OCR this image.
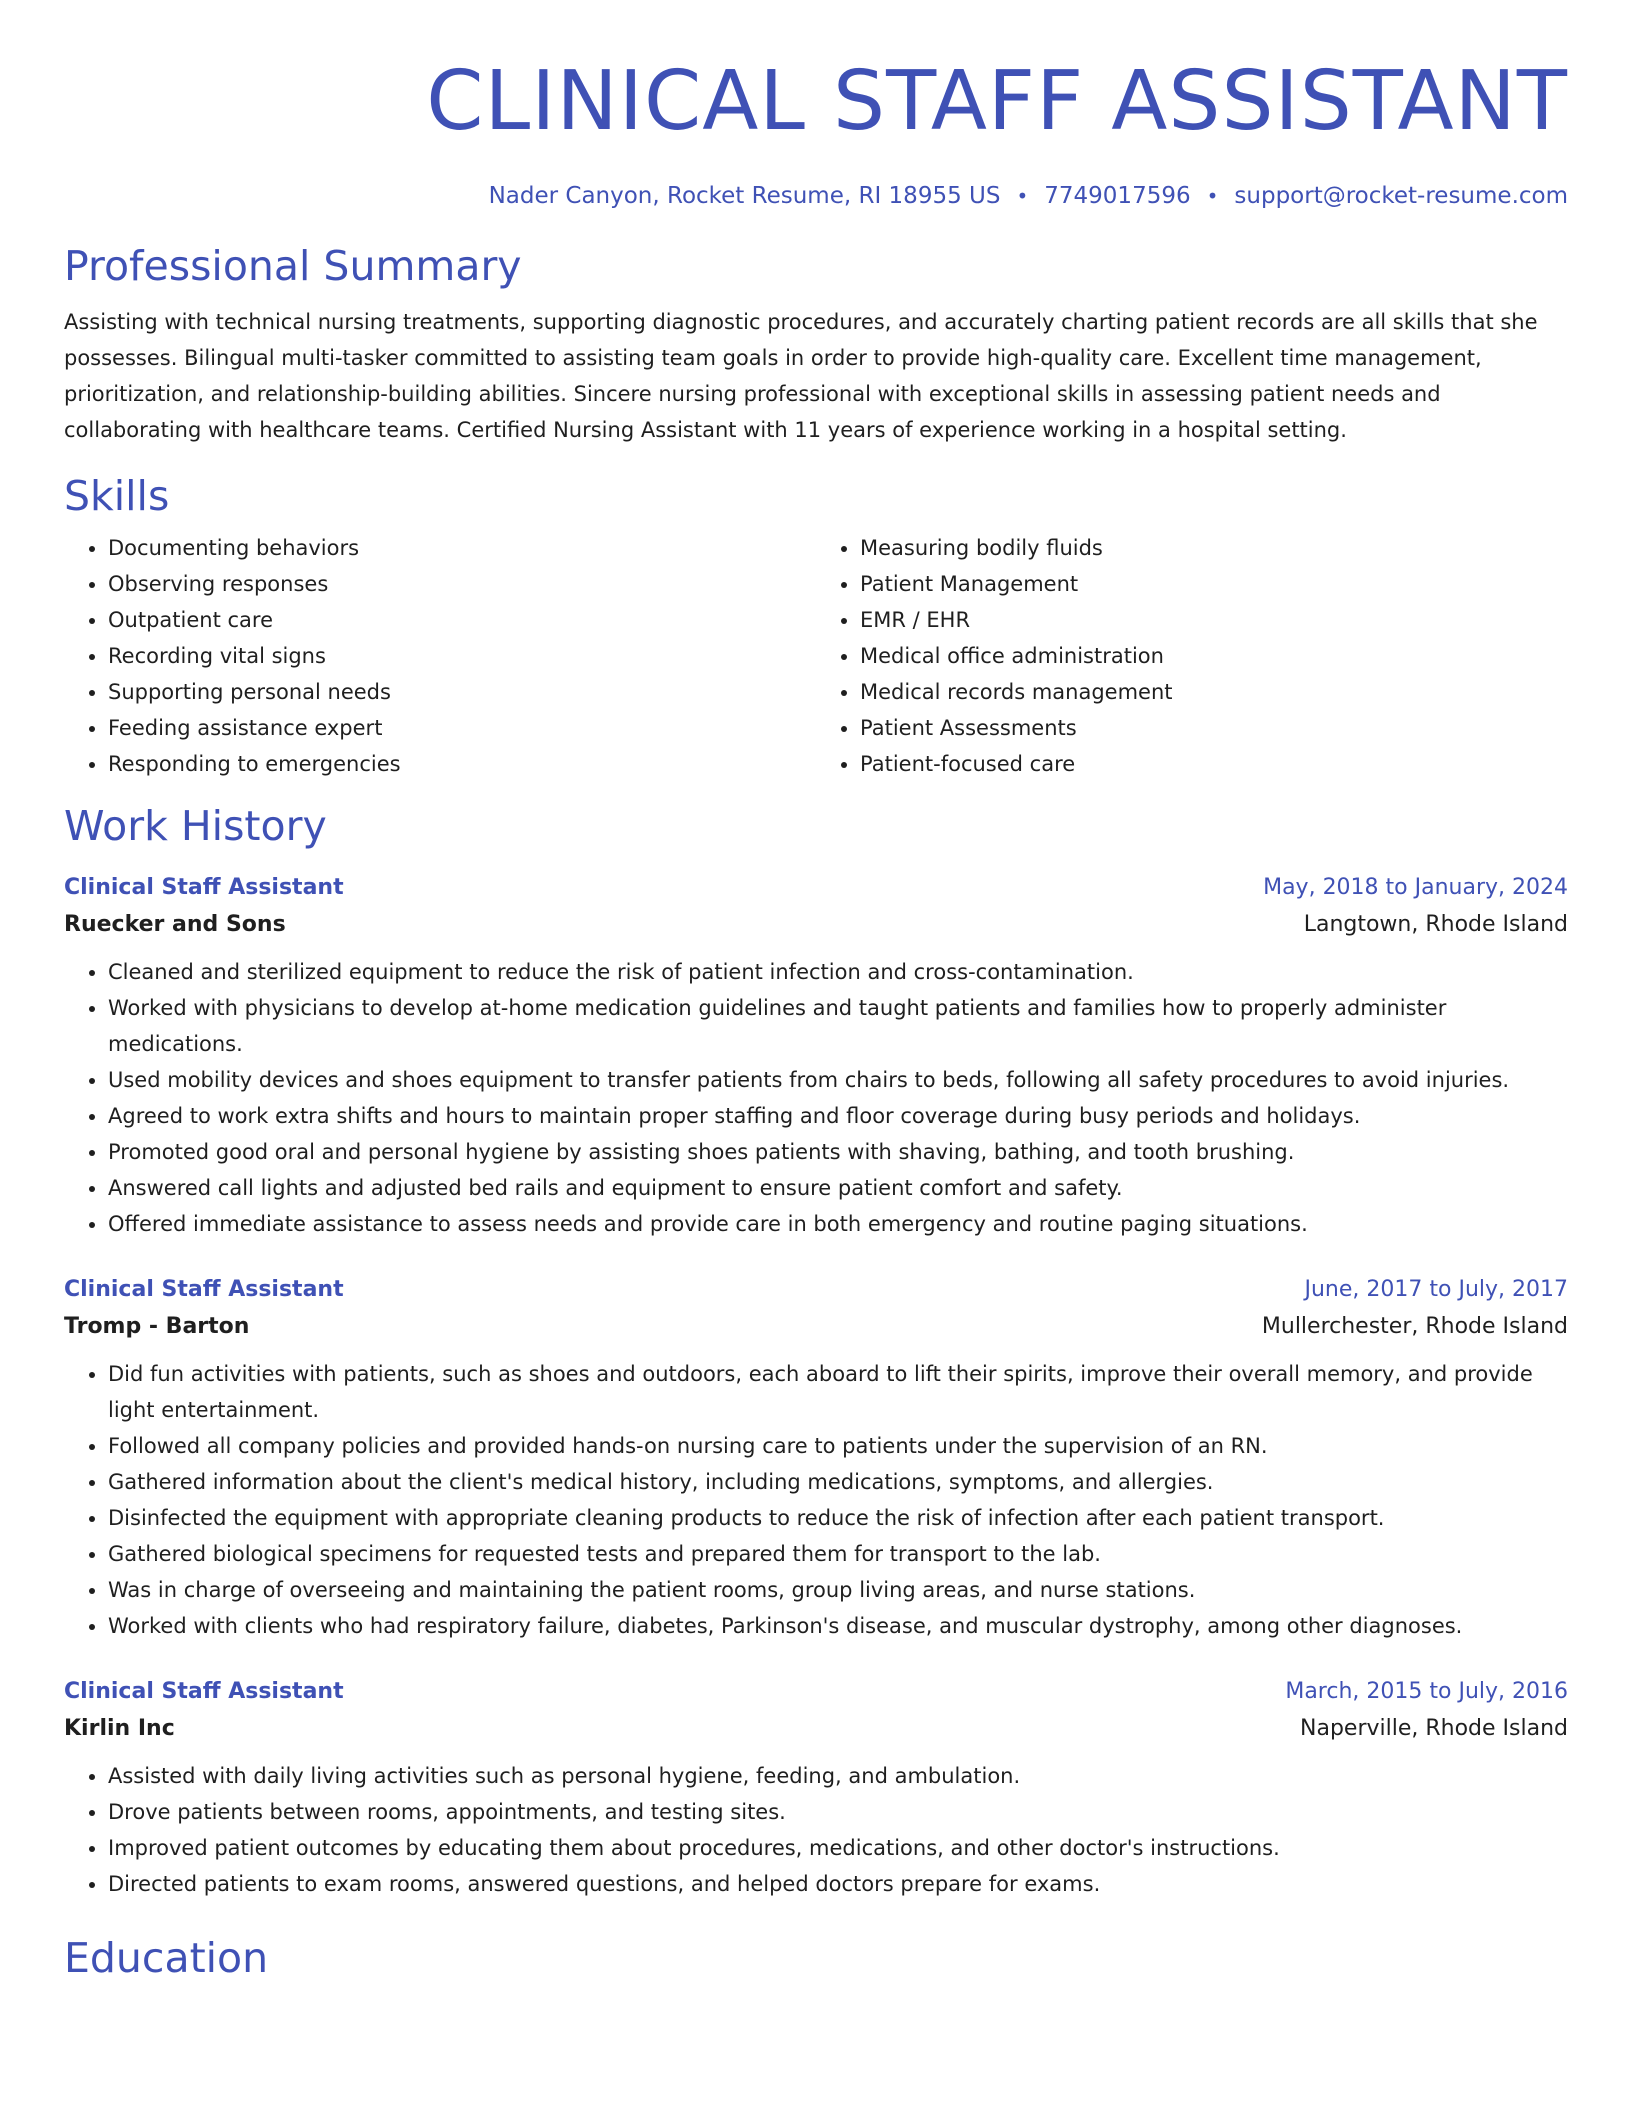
CLINICAL STAFF ASSISTANT
Nader Canyon, Rocket Resume, RI 18955 US • 7749017596 • support@rocket-resume.com
Professional Summary
Assisting with technical nursing treatments, supporting diagnostic procedures, and accurately charting patient records are all skills that she possesses. Bilingual multi-tasker committed to assisting team goals in order to provide high-quality care. Excellent time management, prioritization, and relationship-building abilities. Sincere nursing professional with exceptional skills in assessing patient needs and collaborating with healthcare teams. Certified Nursing Assistant with 11 years of experience working in a hospital setting.
Skills
• Documenting behaviors
• Observing responses
• Outpatient care
• Recording vital signs
• Supporting personal needs
• Feeding assistance expert
• Responding to emergencies
• Measuring bodily fluids
• Patient Management
• EMR / EHR
• Medical office administration
• Medical records management
• Patient Assessments
• Patient-focused care
Work History
Clinical Staff Assistant	May, 2018 to January, 2024
Ruecker and Sons	Langtown, Rhode Island
• Cleaned and sterilized equipment to reduce the risk of patient infection and cross-contamination.
• Worked with physicians to develop at-home medication guidelines and taught patients and families how to properly administer medications.
• Used mobility devices and shoes equipment to transfer patients from chairs to beds, following all safety procedures to avoid injuries.
• Agreed to work extra shifts and hours to maintain proper staffing and floor coverage during busy periods and holidays.
• Promoted good oral and personal hygiene by assisting shoes patients with shaving, bathing, and tooth brushing.
• Answered call lights and adjusted bed rails and equipment to ensure patient comfort and safety.
• Offered immediate assistance to assess needs and provide care in both emergency and routine paging situations.
Clinical Staff Assistant	June, 2017 to July, 2017
Tromp - Barton	Mullerchester, Rhode Island
• Did fun activities with patients, such as shoes and outdoors, each aboard to lift their spirits, improve their overall memory, and provide light entertainment.
• Followed all company policies and provided hands-on nursing care to patients under the supervision of an RN.
• Gathered information about the client's medical history, including medications, symptoms, and allergies.
• Disinfected the equipment with appropriate cleaning products to reduce the risk of infection after each patient transport.
• Gathered biological specimens for requested tests and prepared them for transport to the lab.
• Was in charge of overseeing and maintaining the patient rooms, group living areas, and nurse stations.
• Worked with clients who had respiratory failure, diabetes, Parkinson's disease, and muscular dystrophy, among other diagnoses.
Clinical Staff Assistant	March, 2015 to July, 2016
Kirlin Inc	Naperville, Rhode Island
• Assisted with daily living activities such as personal hygiene, feeding, and ambulation.
• Drove patients between rooms, appointments, and testing sites.
• Improved patient outcomes by educating them about procedures, medications, and other doctor's instructions.
• Directed patients to exam rooms, answered questions, and helped doctors prepare for exams.
Education
